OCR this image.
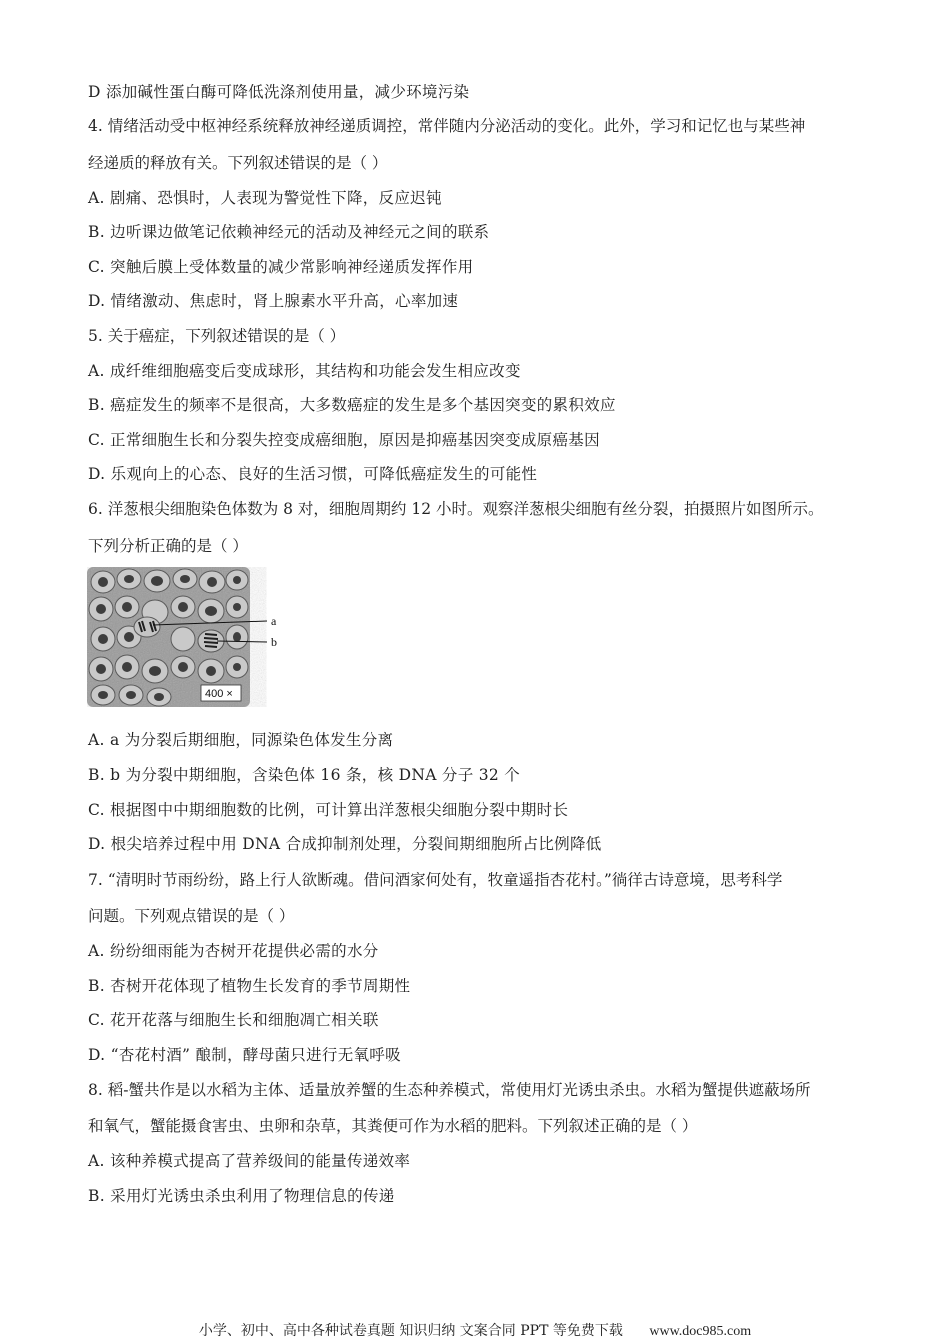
D 添加碱性蛋白酶可降低洗涤剂使用量，减少环境污染
4. 情绪活动受中枢神经系统释放神经递质调控，常伴随内分泌活动的变化。此外，学习和记忆也与某些神
经递质的释放有关。下列叙述错误的是（ ）
A. 剧痛、恐惧时，人表现为警觉性下降，反应迟钝
B. 边听课边做笔记依赖神经元的活动及神经元之间的联系
C. 突触后膜上受体数量的减少常影响神经递质发挥作用
D. 情绪激动、焦虑时，肾上腺素水平升高，心率加速
5. 关于癌症，下列叙述错误的是（ ）
A. 成纤维细胞癌变后变成球形，其结构和功能会发生相应改变
B. 癌症发生的频率不是很高，大多数癌症的发生是多个基因突变的累积效应
C. 正常细胞生长和分裂失控变成癌细胞，原因是抑癌基因突变成原癌基因
D. 乐观向上的心态、良好的生活习惯，可降低癌症发生的可能性
6. 洋葱根尖细胞染色体数为 8 对，细胞周期约 12 小时。观察洋葱根尖细胞有丝分裂，拍摄照片如图所示。
下列分析正确的是（ ）
a
b
400 ×
A. a 为分裂后期细胞，同源染色体发生分离
B. b 为分裂中期细胞，含染色体 16 条，核 DNA 分子 32 个
C. 根据图中中期细胞数的比例，可计算出洋葱根尖细胞分裂中期时长
D. 根尖培养过程中用 DNA 合成抑制剂处理，分裂间期细胞所占比例降低
7. “清明时节雨纷纷，路上行人欲断魂。借问酒家何处有，牧童遥指杏花村。”徜徉古诗意境，思考科学
问题。下列观点错误的是（ ）
A. 纷纷细雨能为杏树开花提供必需的水分
B. 杏树开花体现了植物生长发育的季节周期性
C. 花开花落与细胞生长和细胞凋亡相关联
D. “杏花村酒” 酿制，酵母菌只进行无氧呼吸
8. 稻-蟹共作是以水稻为主体、适量放养蟹的生态种养模式，常使用灯光诱虫杀虫。水稻为蟹提供遮蔽场所
和氧气，蟹能摄食害虫、虫卵和杂草，其粪便可作为水稻的肥料。下列叙述正确的是（ ）
A. 该种养模式提高了营养级间的能量传递效率
B. 采用灯光诱虫杀虫利用了物理信息的传递
小学、初中、高中各种试卷真题 知识归纳 文案合同 PPT 等免费下载 www.doc985.com
